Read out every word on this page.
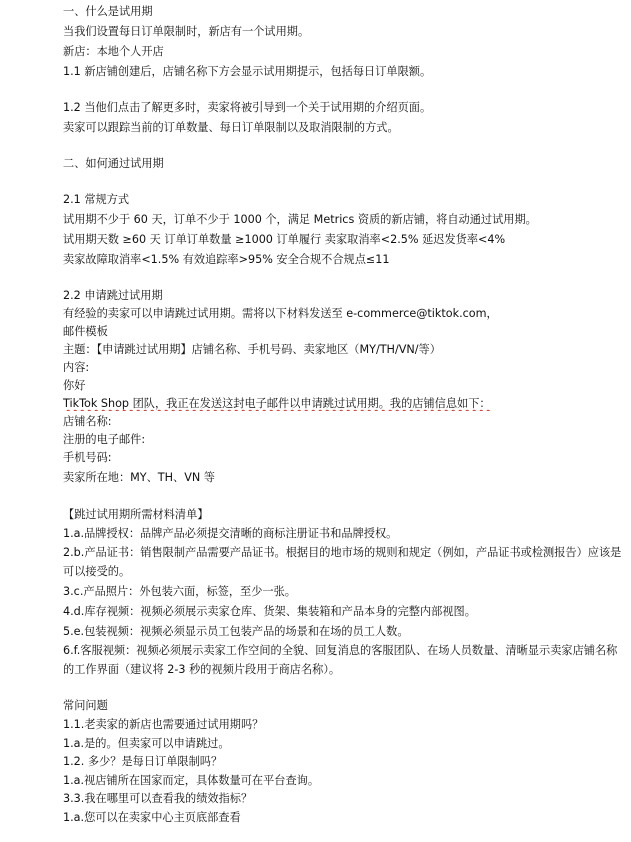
一、什么是试用期
当我们设置每日订单限制时，新店有一个试用期。
新店：本地个人开店
1.1 新店铺创建后，店铺名称下方会显示试用期提示，包括每日订单限额。
1.2 当他们点击了解更多时，卖家将被引导到一个关于试用期的介绍页面。
卖家可以跟踪当前的订单数量、每日订单限制以及取消限制的方式。
二、如何通过试用期
2.1 常规方式
试用期不少于 60 天，订单不少于 1000 个，满足 Metrics 资质的新店铺，将自动通过试用期。
试用期天数 ≥60 天 订单订单数量 ≥1000 订单履行 卖家取消率<2.5% 延迟发货率<4%
卖家故障取消率<1.5% 有效追踪率>95% 安全合规不合规点≤11
2.2 申请跳过试用期
有经验的卖家可以申请跳过试用期。需将以下材料发送至 e-commerce@tiktok.com，
邮件模板
主题：【申请跳过试用期】店铺名称、手机号码、卖家地区（MY/TH/VN/等）
内容:
你好
TikTok Shop 团队，我正在发送这封电子邮件以申请跳过试用期。我的店铺信息如下：
店铺名称:
注册的电子邮件:
手机号码:
卖家所在地：MY、TH、VN 等
【跳过试用期所需材料清单】
1.a.品牌授权：品牌产品必须提交清晰的商标注册证书和品牌授权。
2.b.产品证书：销售限制产品需要产品证书。根据目的地市场的规则和规定（例如，产品证书或检测报告）应该是可以接受的。
3.c.产品照片：外包装六面，标签，至少一张。
4.d.库存视频：视频必须展示卖家仓库、货架、集装箱和产品本身的完整内部视图。
5.e.包装视频：视频必须显示员工包装产品的场景和在场的员工人数。
6.f.客服视频：视频必须展示卖家工作空间的全貌、回复消息的客服团队、在场人员数量、清晰显示卖家店铺名称的工作界面（建议将 2-3 秒的视频片段用于商店名称）。
常问问题
1.1.老卖家的新店也需要通过试用期吗？
1.a.是的。但卖家可以申请跳过。
1.2. 多少？是每日订单限制吗？
1.a.视店铺所在国家而定，具体数量可在平台查询。
3.3.我在哪里可以查看我的绩效指标？
1.a.您可以在卖家中心主页底部查看
